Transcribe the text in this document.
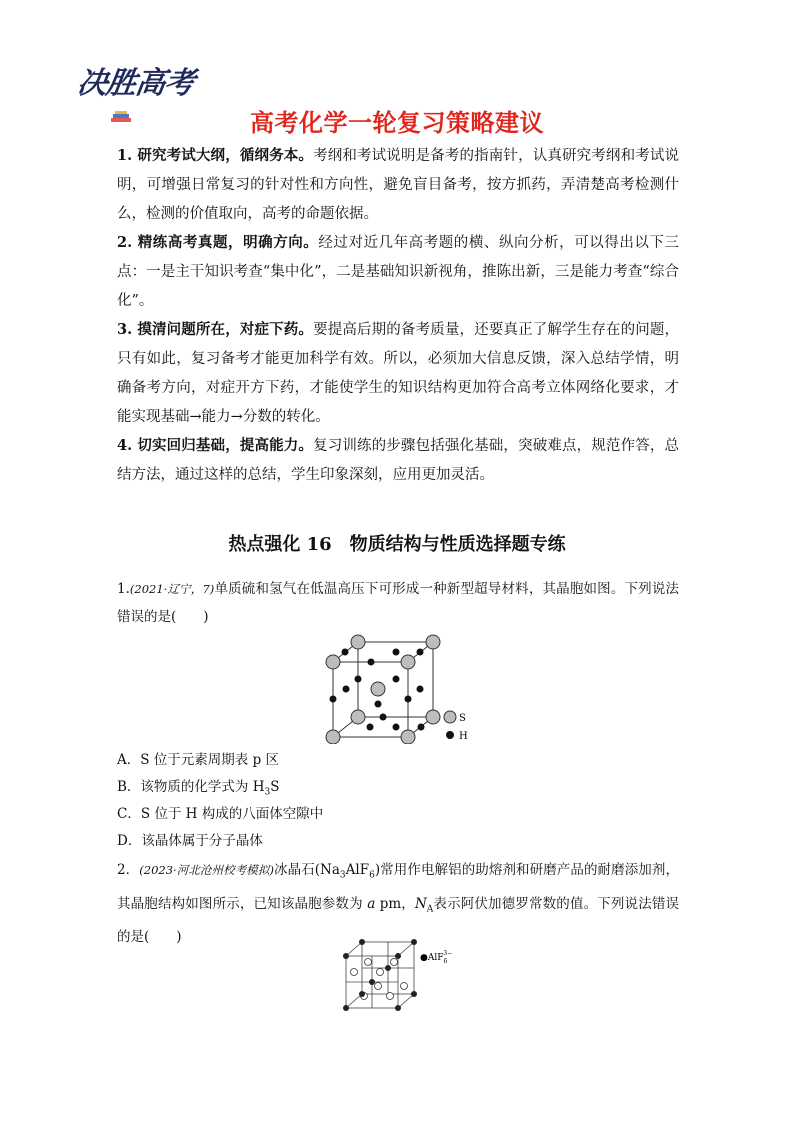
决胜高考
高考化学一轮复习策略建议
1. 研究考试大纲，循纲务本。考纲和考试说明是备考的指南针，认真研究考纲和考试说明，可增强日常复习的针对性和方向性，避免盲目备考，按方抓药，弄清楚高考检测什么，检测的价值取向，高考的命题依据。
2. 精练高考真题，明确方向。经过对近几年高考题的横、纵向分析，可以得出以下三点：一是主干知识考查“集中化”，二是基础知识新视角，推陈出新，三是能力考查“综合化”。
3. 摸清问题所在，对症下药。要提高后期的备考质量，还要真正了解学生存在的问题，只有如此，复习备考才能更加科学有效。所以，必须加大信息反馈，深入总结学情，明确备考方向，对症开方下药，才能使学生的知识结构更加符合高考立体网络化要求，才能实现基础→能力→分数的转化。
4. 切实回归基础，提高能力。复习训练的步骤包括强化基础，突破难点，规范作答，总结方法，通过这样的总结，学生印象深刻，应用更加灵活。
热点强化 16　物质结构与性质选择题专练
1.(2021·辽宁，7)单质硫和氢气在低温高压下可形成一种新型超导材料，其晶胞如图。下列说法错误的是(　　)
S
H
A．S 位于元素周期表 p 区
B．该物质的化学式为 $H_3S$
C．S 位于 H 构成的八面体空隙中
D．该晶体属于分子晶体
2．(2023·河北沧州校考模拟)冰晶石$(Na_3AlF_6)$常用作电解铝的助熔剂和研磨产品的耐磨添加剂，其晶胞结构如图所示，已知该晶胞参数为 a pm，$N_A$表示阿伏加德罗常数的值。下列说法错误的是(　　)
●AlF$_6$3−
